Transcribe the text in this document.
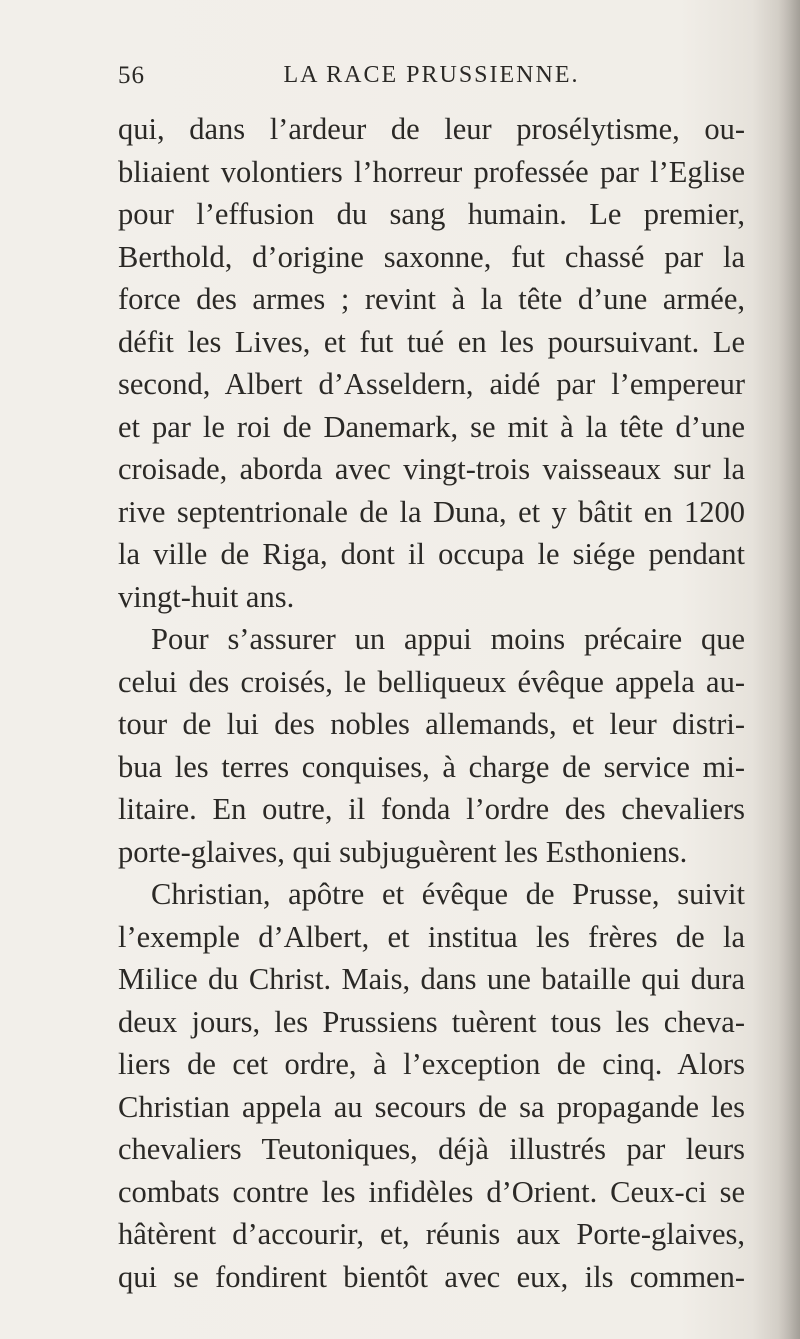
56	LA RACE PRUSSIENNE.
qui, dans l’ardeur de leur prosélytisme, ou-
bliaient volontiers l’horreur professée par l’Eglise
pour l’effusion du sang humain. Le premier,
Berthold, d’origine saxonne, fut chassé par la
force des armes ; revint à la tête d’une armée,
défit les Lives, et fut tué en les poursuivant. Le
second, Albert d’Asseldern, aidé par l’empereur
et par le roi de Danemark, se mit à la tête d’une
croisade, aborda avec vingt-trois vaisseaux sur la
rive septentrionale de la Duna, et y bâtit en 1200
la ville de Riga, dont il occupa le siége pendant
vingt-huit ans.
Pour s’assurer un appui moins précaire que
celui des croisés, le belliqueux évêque appela au-
tour de lui des nobles allemands, et leur distri-
bua les terres conquises, à charge de service mi-
litaire. En outre, il fonda l’ordre des chevaliers
porte-glaives, qui subjuguèrent les Esthoniens.
Christian, apôtre et évêque de Prusse, suivit
l’exemple d’Albert, et institua les frères de la
Milice du Christ. Mais, dans une bataille qui dura
deux jours, les Prussiens tuèrent tous les cheva-
liers de cet ordre, à l’exception de cinq. Alors
Christian appela au secours de sa propagande les
chevaliers Teutoniques, déjà illustrés par leurs
combats contre les infidèles d’Orient. Ceux-ci se
hâtèrent d’accourir, et, réunis aux Porte-glaives,
qui se fondirent bientôt avec eux, ils commen-
